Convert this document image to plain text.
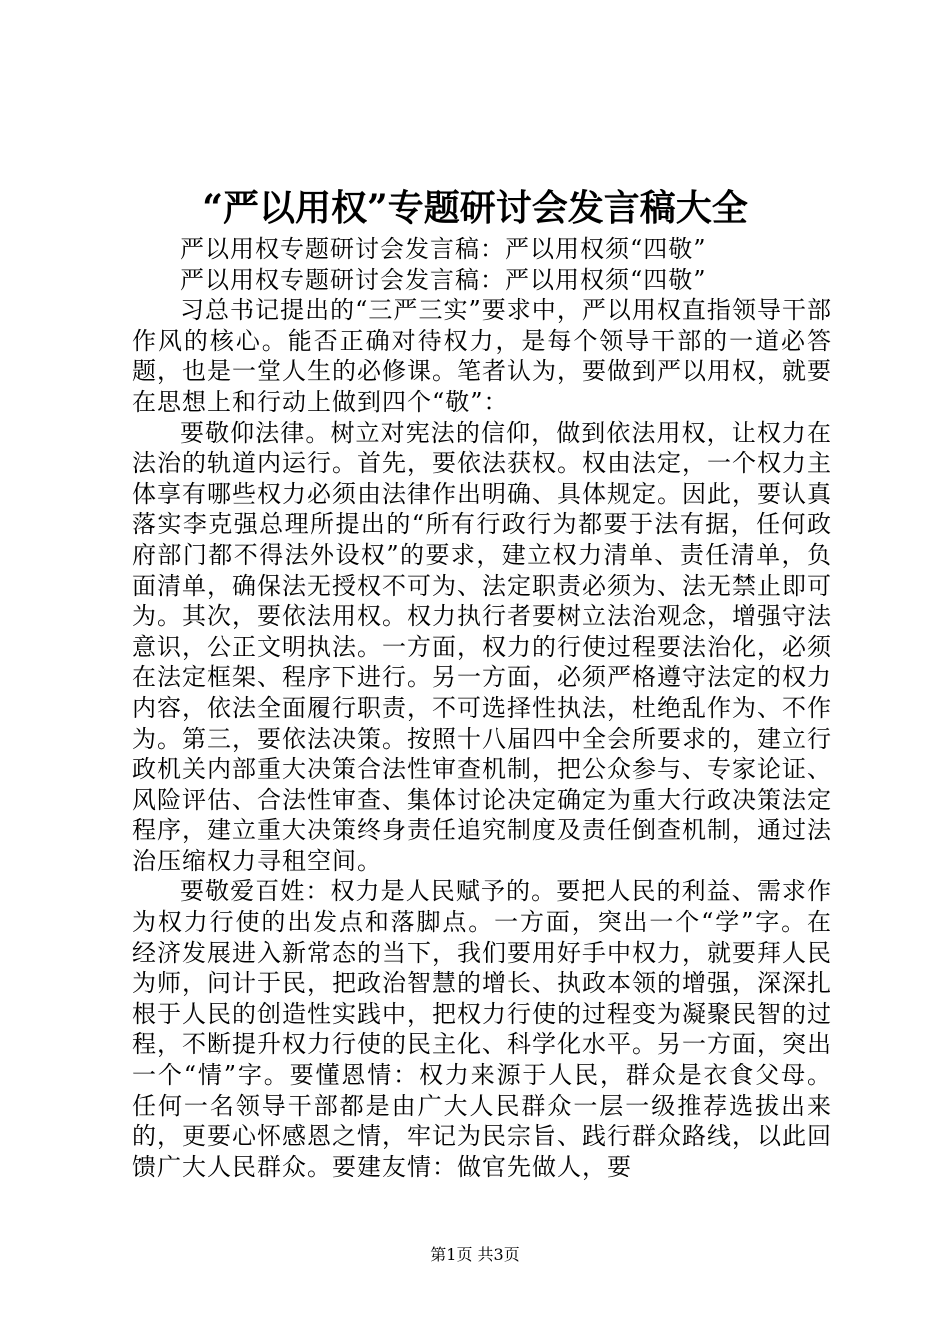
“严以用权”专题研讨会发言稿大全

严以用权专题研讨会发言稿：严以用权须“四敬”

严以用权专题研讨会发言稿：严以用权须“四敬”

习总书记提出的“三严三实”要求中，严以用权直指领导干部作风的核心。能否正确对待权力，是每个领导干部的一道必答题，也是一堂人生的必修课。笔者认为，要做到严以用权，就要在思想上和行动上做到四个“敬”：

要敬仰法律。树立对宪法的信仰，做到依法用权，让权力在法治的轨道内运行。首先，要依法获权。权由法定，一个权力主体享有哪些权力必须由法律作出明确、具体规定。因此，要认真落实李克强总理所提出的“所有行政行为都要于法有据，任何政府部门都不得法外设权”的要求，建立权力清单、责任清单，负面清单，确保法无授权不可为、法定职责必须为、法无禁止即可为。其次，要依法用权。权力执行者要树立法治观念，增强守法意识，公正文明执法。一方面，权力的行使过程要法治化，必须在法定框架、程序下进行。另一方面，必须严格遵守法定的权力内容，依法全面履行职责，不可选择性执法，杜绝乱作为、不作为。第三，要依法决策。按照十八届四中全会所要求的，建立行政机关内部重大决策合法性审查机制，把公众参与、专家论证、风险评估、合法性审查、集体讨论决定确定为重大行政决策法定程序，建立重大决策终身责任追究制度及责任倒查机制，通过法治压缩权力寻租空间。

要敬爱百姓：权力是人民赋予的。要把人民的利益、需求作为权力行使的出发点和落脚点。一方面，突出一个“学”字。在经济发展进入新常态的当下，我们要用好手中权力，就要拜人民为师，问计于民，把政治智慧的增长、执政本领的增强，深深扎根于人民的创造性实践中，把权力行使的过程变为凝聚民智的过程，不断提升权力行使的民主化、科学化水平。另一方面，突出一个“情”字。要懂恩情：权力来源于人民，群众是衣食父母。任何一名领导干部都是由广大人民群众一层一级推荐选拔出来的，更要心怀感恩之情，牢记为民宗旨、践行群众路线，以此回馈广大人民群众。要建友情：做官先做人，要

第1页 共3页
